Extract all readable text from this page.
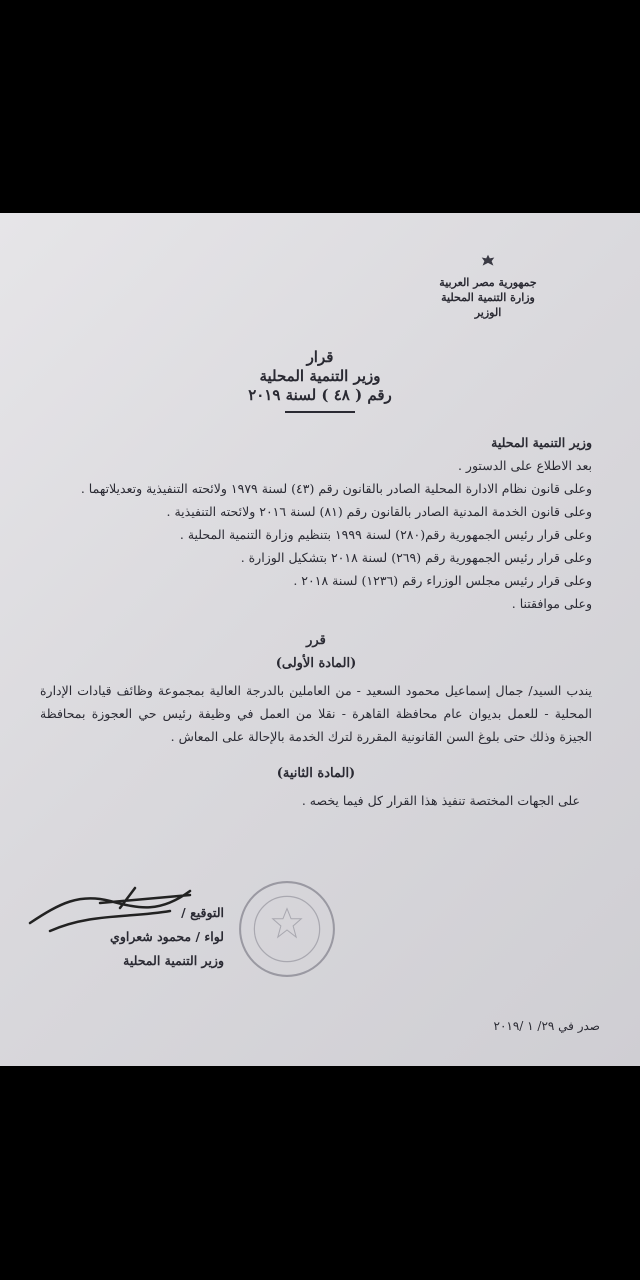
جمهورية مصر العربية
وزارة التنمية المحلية
الوزير
قرار
وزير التنمية المحلية
رقم ( ٤٨ ) لسنة ٢٠١٩

وزير التنمية المحلية

بعد الاطلاع على الدستور .

وعلى قانون نظام الادارة المحلية الصادر بالقانون رقم (٤٣) لسنة ١٩٧٩ ولائحته التنفيذية وتعديلاتهما .

وعلى قانون الخدمة المدنية الصادر بالقانون رقم (٨١) لسنة ٢٠١٦ ولائحته التنفيذية .

وعلى قرار رئيس الجمهورية رقم(٢٨٠) لسنة ١٩٩٩ بتنظيم وزارة التنمية المحلية .

وعلى قرار رئيس الجمهورية رقم (٢٦٩) لسنة ٢٠١٨ بتشكيل الوزارة .

وعلى قرار رئيس مجلس الوزراء رقم (١٢٣٦) لسنة ٢٠١٨ .

وعلى موافقتنا .

قرر
(المادة الأولى)

يندب السيد/ جمال إسماعيل محمود السعيد - من العاملين بالدرجة العالية بمجموعة وظائف قيادات الإدارة المحلية - للعمل بديوان عام محافظة القاهرة - نقلا من العمل في وظيفة رئيس حي العجوزة بمحافظة الجيزة وذلك حتى بلوغ السن القانونية المقررة لترك الخدمة بالإحالة على المعاش .

(المادة الثانية)

على الجهات المختصة تنفيذ هذا القرار كل فيما يخصه .

التوقيع /
لواء / محمود شعراوي
وزير التنمية المحلية
صدر في ٢٩/ ١ /٢٠١٩
